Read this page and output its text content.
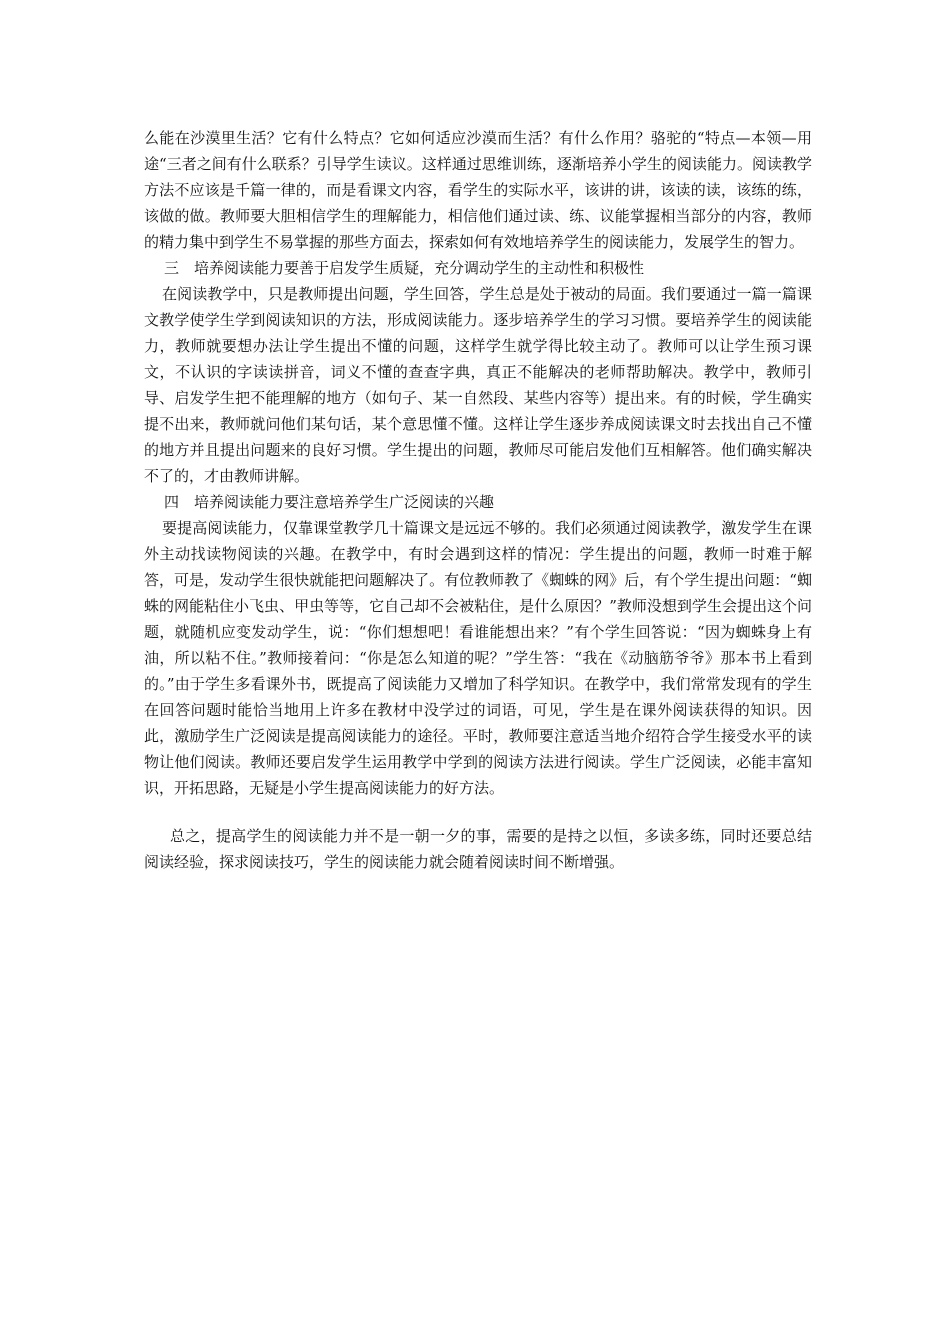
么能在沙漠里生活？它有什么特点？它如何适应沙漠而生活？有什么作用？骆驼的“特点—本领—用途“三者之间有什么联系？引导学生读议。这样通过思维训练，逐渐培养小学生的阅读能力。阅读教学方法不应该是千篇一律的，而是看课文内容，看学生的实际水平，该讲的讲，该读的读，该练的练，该做的做。教师要大胆相信学生的理解能力，相信他们通过读、练、议能掌握相当部分的内容，教师的精力集中到学生不易掌握的那些方面去，探索如何有效地培养学生的阅读能力，发展学生的智力。

三　培养阅读能力要善于启发学生质疑，充分调动学生的主动性和积极性

在阅读教学中，只是教师提出问题，学生回答，学生总是处于被动的局面。我们要通过一篇一篇课文教学使学生学到阅读知识的方法，形成阅读能力。逐步培养学生的学习习惯。要培养学生的阅读能力，教师就要想办法让学生提出不懂的问题，这样学生就学得比较主动了。教师可以让学生预习课文，不认识的字读读拼音，词义不懂的查查字典，真正不能解决的老师帮助解决。教学中，教师引导、启发学生把不能理解的地方（如句子、某一自然段、某些内容等）提出来。有的时候，学生确实提不出来，教师就问他们某句话，某个意思懂不懂。这样让学生逐步养成阅读课文时去找出自己不懂的地方并且提出问题来的良好习惯。学生提出的问题，教师尽可能启发他们互相解答。他们确实解决不了的，才由教师讲解。

四　培养阅读能力要注意培养学生广泛阅读的兴趣

要提高阅读能力，仅靠课堂教学几十篇课文是远远不够的。我们必须通过阅读教学，激发学生在课外主动找读物阅读的兴趣。在教学中，有时会遇到这样的情况：学生提出的问题，教师一时难于解答，可是，发动学生很快就能把问题解决了。有位教师教了《蜘蛛的网》后，有个学生提出问题：“蜘蛛的网能粘住小飞虫、甲虫等等，它自己却不会被粘住，是什么原因？”教师没想到学生会提出这个问题，就随机应变发动学生，说：“你们想想吧！看谁能想出来？”有个学生回答说：“因为蜘蛛身上有油，所以粘不住。”教师接着问：“你是怎么知道的呢？”学生答：“我在《动脑筋爷爷》那本书上看到的。”由于学生多看课外书，既提高了阅读能力又增加了科学知识。在教学中，我们常常发现有的学生在回答问题时能恰当地用上许多在教材中没学过的词语，可见，学生是在课外阅读获得的知识。因此，激励学生广泛阅读是提高阅读能力的途径。平时，教师要注意适当地介绍符合学生接受水平的读物让他们阅读。教师还要启发学生运用教学中学到的阅读方法进行阅读。学生广泛阅读，必能丰富知识，开拓思路，无疑是小学生提高阅读能力的好方法。

总之，提高学生的阅读能力并不是一朝一夕的事，需要的是持之以恒，多读多练，同时还要总结阅读经验，探求阅读技巧，学生的阅读能力就会随着阅读时间不断增强。
